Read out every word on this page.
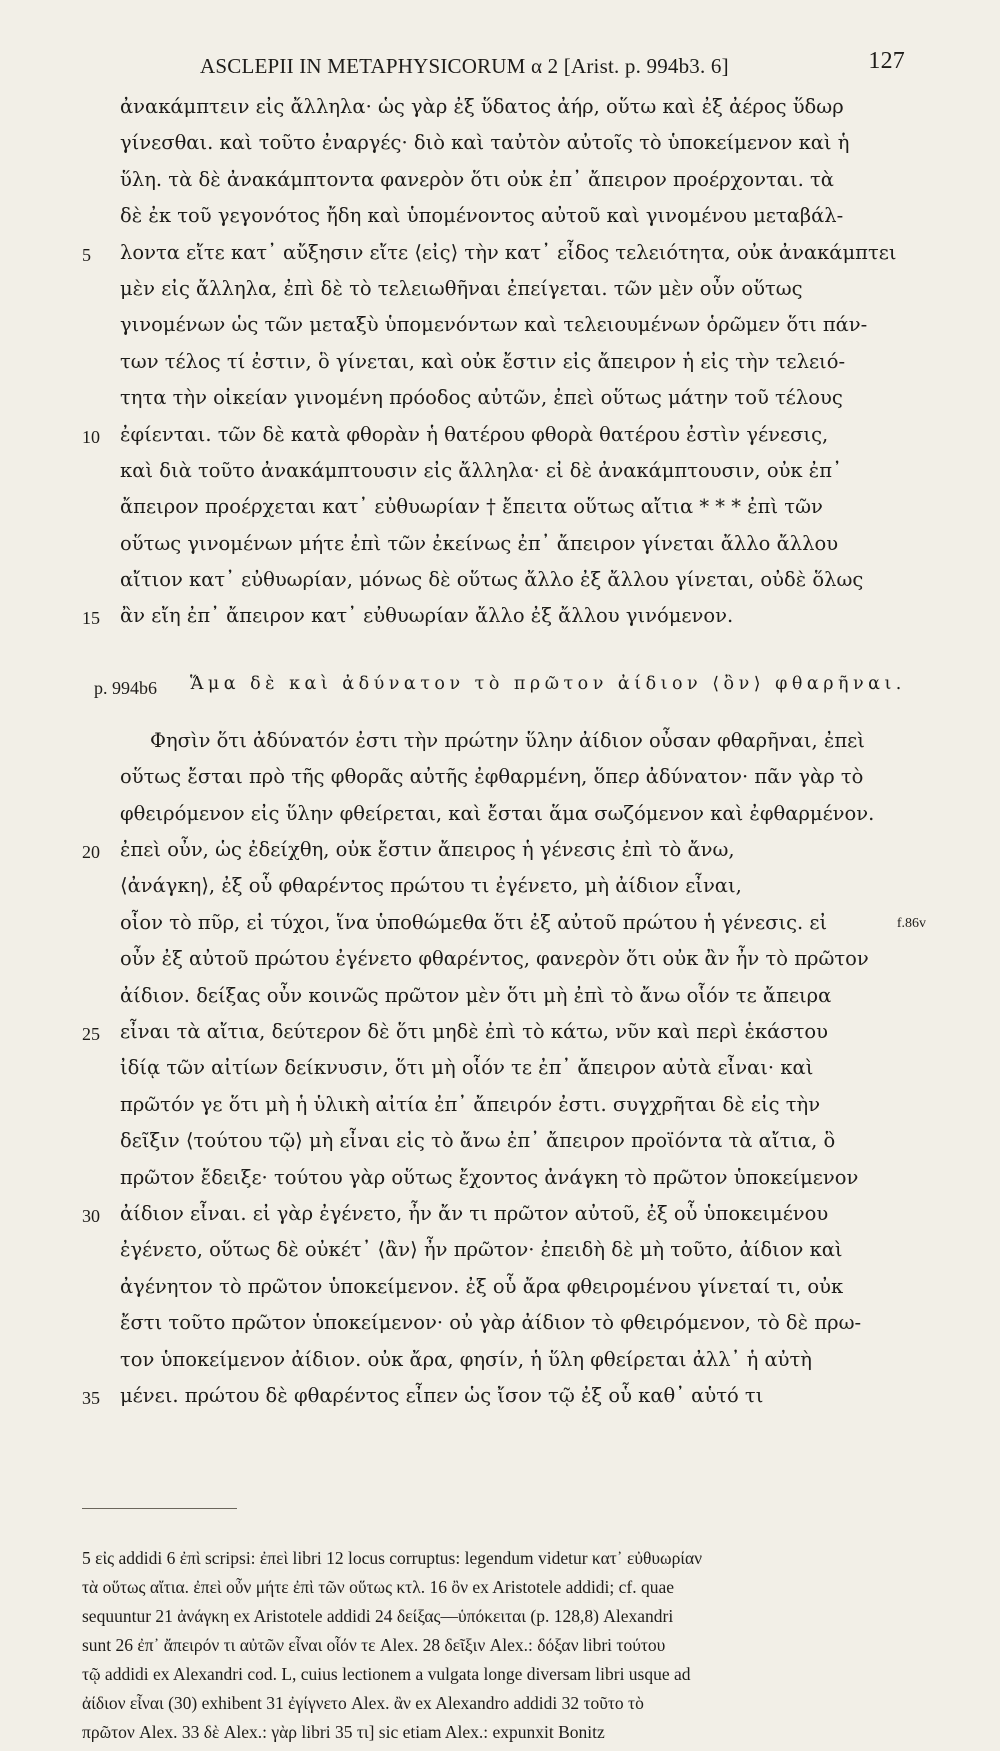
ASCLEPII IN METAPHYSICORUM α 2 [Arist. p. 994b3. 6]	127
ἀνακάμπτειν εἰς ἄλληλα· ὡς γὰρ ἐξ ὕδατος ἀήρ, οὕτω καὶ ἐξ ἀέρος ὕδωρ
γίνεσθαι. καὶ τοῦτο ἐναργές· διὸ καὶ ταὐτὸν αὐτοῖς τὸ ὑποκείμενον καὶ ἡ
ὕλη. τὰ δὲ ἀνακάμπτοντα φανερὸν ὅτι οὐκ ἐπ᾽ ἄπειρον προέρχονται. τὰ
δὲ ἐκ τοῦ γεγονότος ἤδη καὶ ὑπομένοντος αὐτοῦ καὶ γινομένου μεταβάλ-
5	λοντα εἴτε κατ᾽ αὔξησιν εἴτε ⟨εἰς⟩ τὴν κατ᾽ εἶδος τελειότητα, οὐκ ἀνακάμπτει
μὲν εἰς ἄλληλα, ἐπὶ δὲ τὸ τελειωθῆναι ἐπείγεται. τῶν μὲν οὖν οὕτως
γινομένων ὡς τῶν μεταξὺ ὑπομενόντων καὶ τελειουμένων ὁρῶμεν ὅτι πάν-
των τέλος τί ἐστιν, ὃ γίνεται, καὶ οὐκ ἔστιν εἰς ἄπειρον ἡ εἰς τὴν τελειό-
τητα τὴν οἰκείαν γινομένη πρόοδος αὐτῶν, ἐπεὶ οὕτως μάτην τοῦ τέλους
10	ἐφίενται. τῶν δὲ κατὰ φθορὰν ἡ θατέρου φθορὰ θατέρου ἐστὶν γένεσις,
καὶ διὰ τοῦτο ἀνακάμπτουσιν εἰς ἄλληλα· εἰ δὲ ἀνακάμπτουσιν, οὐκ ἐπ᾽
ἄπειρον προέρχεται κατ᾽ εὐθυωρίαν † ἔπειτα οὕτως αἴτια * * * ἐπὶ τῶν
οὕτως γινομένων μήτε ἐπὶ τῶν ἐκείνως ἐπ᾽ ἄπειρον γίνεται ἄλλο ἄλλου
αἴτιον κατ᾽ εὐθυωρίαν, μόνως δὲ οὕτως ἄλλο ἐξ ἄλλου γίνεται, οὐδὲ ὅλως
15	ἂν εἴη ἐπ᾽ ἄπειρον κατ᾽ εὐθυωρίαν ἄλλο ἐξ ἄλλου γινόμενον.
p. 994b6 Ἅμα δὲ καὶ ἀδύνατον τὸ πρῶτον ἀίδιον ⟨ὂν⟩ φθαρῆναι.
Φησὶν ὅτι ἀδύνατόν ἐστι τὴν πρώτην ὕλην ἀίδιον οὖσαν φθαρῆναι, ἐπεὶ
οὕτως ἔσται πρὸ τῆς φθορᾶς αὐτῆς ἐφθαρμένη, ὅπερ ἀδύνατον· πᾶν γὰρ τὸ
φθειρόμενον εἰς ὕλην φθείρεται, καὶ ἔσται ἅμα σωζόμενον καὶ ἐφθαρμένον.
20	ἐπεὶ οὖν, ὡς ἐδείχθη, οὐκ ἔστιν ἄπειρος ἡ γένεσις ἐπὶ τὸ ἄνω,
⟨ἀνάγκη⟩, ἐξ οὗ φθαρέντος πρώτου τι ἐγένετο, μὴ ἀίδιον εἶναι,
οἷον τὸ πῦρ, εἰ τύχοι, ἵνα ὑποθώμεθα ὅτι ἐξ αὐτοῦ πρώτου ἡ γένεσις. εἰ	f.86v
οὖν ἐξ αὐτοῦ πρώτου ἐγένετο φθαρέντος, φανερὸν ὅτι οὐκ ἂν ἦν τὸ πρῶτον
ἀίδιον. δείξας οὖν κοινῶς πρῶτον μὲν ὅτι μὴ ἐπὶ τὸ ἄνω οἷόν τε ἄπειρα
25	εἶναι τὰ αἴτια, δεύτερον δὲ ὅτι μηδὲ ἐπὶ τὸ κάτω, νῦν καὶ περὶ ἑκάστου
ἰδίᾳ τῶν αἰτίων δείκνυσιν, ὅτι μὴ οἷόν τε ἐπ᾽ ἄπειρον αὐτὰ εἶναι· καὶ
πρῶτόν γε ὅτι μὴ ἡ ὑλικὴ αἰτία ἐπ᾽ ἄπειρόν ἐστι. συγχρῆται δὲ εἰς τὴν
δεῖξιν ⟨τούτου τῷ⟩ μὴ εἶναι εἰς τὸ ἄνω ἐπ᾽ ἄπειρον προϊόντα τὰ αἴτια, ὃ
πρῶτον ἔδειξε· τούτου γὰρ οὕτως ἔχοντος ἀνάγκη τὸ πρῶτον ὑποκείμενον
30	ἀίδιον εἶναι. εἰ γὰρ ἐγένετο, ἦν ἄν τι πρῶτον αὐτοῦ, ἐξ οὗ ὑποκειμένου
ἐγένετο, οὕτως δὲ οὐκέτ᾽ ⟨ἂν⟩ ἦν πρῶτον· ἐπειδὴ δὲ μὴ τοῦτο, ἀίδιον καὶ
ἀγένητον τὸ πρῶτον ὑποκείμενον. ἐξ οὗ ἄρα φθειρομένου γίνεταί τι, οὐκ
ἔστι τοῦτο πρῶτον ὑποκείμενον· οὐ γὰρ ἀίδιον τὸ φθειρόμενον, τὸ δὲ πρω-
τον ὑποκείμενον ἀίδιον. οὐκ ἄρα, φησίν, ἡ ὕλη φθείρεται ἀλλ᾽ ἡ αὐτὴ
35	μένει. πρώτου δὲ φθαρέντος εἶπεν ὡς ἴσον τῷ ἐξ οὗ καθ᾽ αὑτό τι
5 εἰς addidi 6 ἐπὶ scripsi: ἐπεὶ libri 12 locus corruptus: legendum videtur κατ᾽ εὐθυωρίαν
τὰ οὕτως αἴτια. ἐπεὶ οὖν μήτε ἐπὶ τῶν οὕτως κτλ. 16 ὂν ex Aristotele addidi; cf. quae
sequuntur 21 ἀνάγκη ex Aristotele addidi 24 δείξας—ὑπόκειται (p. 128,8) Alexandri
sunt 26 ἐπ᾽ ἄπειρόν τι αὐτῶν εἶναι οἷόν τε Alex. 28 δεῖξιν Alex.: δόξαν libri τούτου
τῷ addidi ex Alexandri cod. L, cuius lectionem a vulgata longe diversam libri usque ad
ἀίδιον εἶναι (30) exhibent 31 ἐγίγνετο Alex. ἂν ex Alexandro addidi 32 τοῦτο τὸ
πρῶτον Alex. 33 δὲ Alex.: γὰρ libri 35 τι] sic etiam Alex.: expunxit Bonitz
